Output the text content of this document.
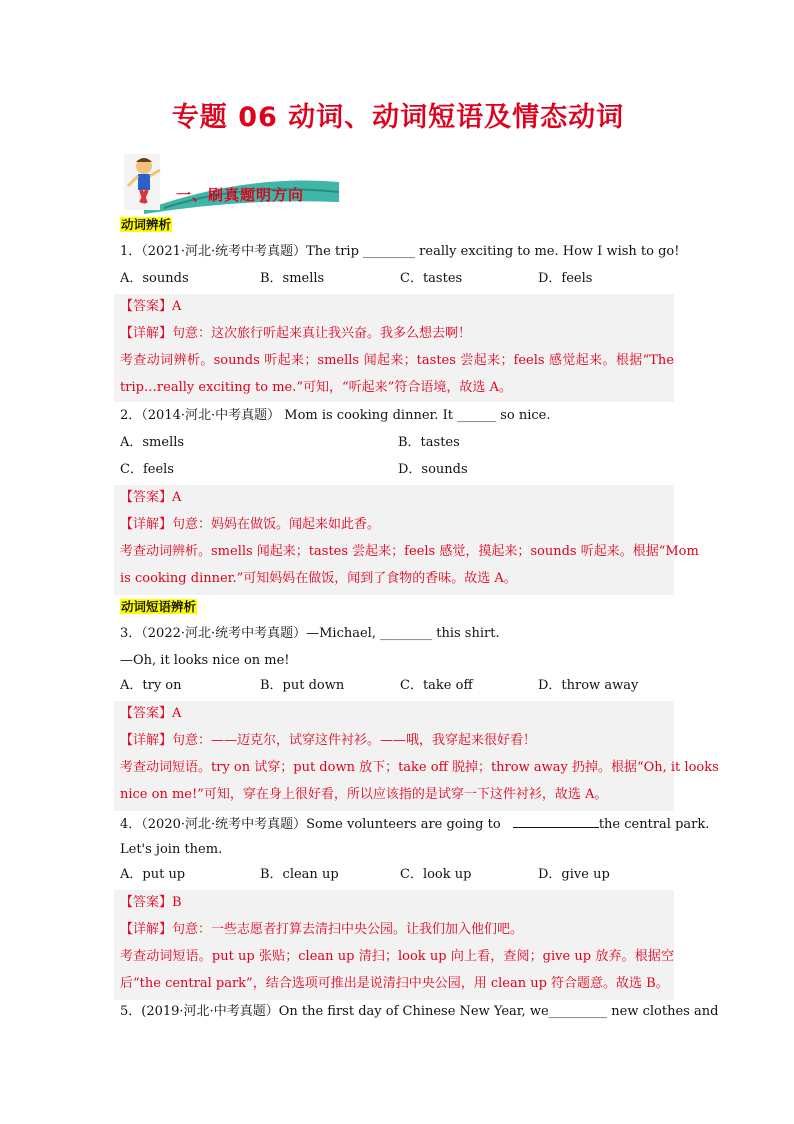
专题 06 动词、动词短语及情态动词
一、刷真题明方向
动词辨析
1．（2021·河北·统考中考真题）The trip ________ really exciting to me. How I wish to go!
A．sounds	B．smells	C．tastes	D．feels
【答案】A
【详解】句意：这次旅行听起来真让我兴奋。我多么想去啊！
考查动词辨析。sounds 听起来；smells 闻起来；tastes 尝起来；feels 感觉起来。根据“The
trip…really exciting to me.”可知，“听起来”符合语境，故选 A。
2．（2014·河北·中考真题） Mom is cooking dinner. It ______ so nice.
A．smells	B．tastes
C．feels	D．sounds
【答案】A
【详解】句意：妈妈在做饭。闻起来如此香。
考查动词辨析。smells 闻起来；tastes 尝起来；feels 感觉，摸起来；sounds 听起来。根据“Mom
is cooking dinner.”可知妈妈在做饭，闻到了食物的香味。故选 A。
动词短语辨析
3．（2022·河北·统考中考真题）—Michael, ________ this shirt.
—Oh, it looks nice on me!
A．try on	B．put down	C．take off	D．throw away
【答案】A
【详解】句意：——迈克尔，试穿这件衬衫。——哦，我穿起来很好看！
考查动词短语。try on 试穿；put down 放下；take off 脱掉；throw away 扔掉。根据“Oh, it looks
nice on me!”可知，穿在身上很好看，所以应该指的是试穿一下这件衬衫，故选 A。
4．（2020·河北·统考中考真题）Some volunteers are going to	the central park.
Let's join them.
A．put up	B．clean up	C．look up	D．give up
【答案】B
【详解】句意：一些志愿者打算去清扫中央公园。让我们加入他们吧。
考查动词短语。put up 张贴；clean up 清扫；look up 向上看，查阅；give up 放弃。根据空
后“the central park”，结合选项可推出是说清扫中央公园，用 clean up 符合题意。故选 B。
5．(2019·河北·中考真题）On the first day of Chinese New Year, we_________ new clothes and
